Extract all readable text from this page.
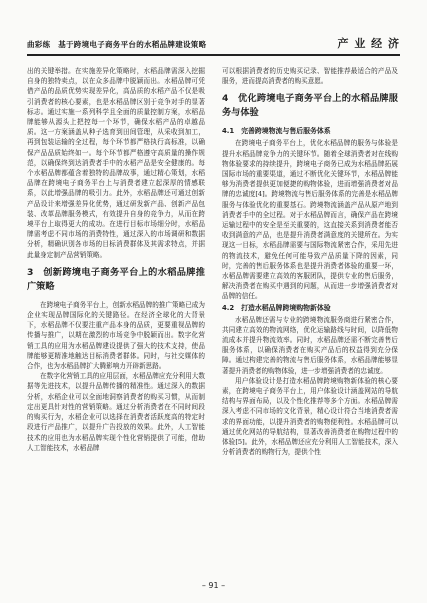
曲彩练　基于跨境电子商务平台的水稻品牌建设策略	产 业 经 济

出的关键举措。在实施差异化策略时，水稻品牌需深入挖掘自身的独特卖点，以在众多品牌中脱颖而出。水稻品牌可凭借产品的品质优势实现差异化，高品质的水稻产品不仅是吸引消费者的核心要素，也是水稻品牌区别于竞争对手的显著标志。通过实施一系列科学且全面的质量控制方案，水稻品牌能够从源头上把控每一个环节，确保水稻产品的卓越品质。这一方案涵盖从种子选育到田间管理，从采收到加工，再到包装运输的全过程，每个环节都严格执行高标准，以确保产品品质始终如一。每个环节都严格遵守高质量的操作规范，以确保终到达消费者手中的水稻产品是安全健康的。每个水稻品牌都蕴含着独特的品牌故事，通过精心策划，水稻品牌在跨境电子商务平台上与消费者建立起深厚的情感联系，以此增强品牌的吸引力。此外，水稻品牌还可通过创新产品设计来增强差异化优势，通过研发新产品、创新产品包装、改革品牌服务模式，有效提升自身的竞争力，从而在跨境平台上取得更大的成功。在进行目标市场细分时，水稻品牌需考虑不同市场的消费特性，通过深入的市场调研和数据分析，精确识别各市场的目标消费群体及其需求特点，并据此量身定制产品营销策略。

3　创新跨境电子商务平台上的水稻品牌推广策略

在跨境电子商务平台上，创新水稻品牌的推广策略已成为企业实现品牌国际化的关键路径。在经济全球化的大背景下，水稻品牌不仅要注重产品本身的品质，更要重视品牌的传播与推广，以期在激烈的市场竞争中脱颖而出。数字化营销工具的应用为水稻品牌建设提供了强大的技术支持，使品牌能够更精准地触达目标消费者群体。同时，与社交媒体的合作，也为水稻品牌扩大腾影响力开辟新思路。

在数字化营销工具的应用层面，水稻品牌应充分利用大数据等先进技术，以提升品牌传播的精准性。通过深入的数据分析，水稻企业可以全面地洞察消费者的购买习惯，从而制定出更具针对性的营销策略。通过分析消费者在不同时间段的购买行为，水稻企业可以选择在消费者活跃度高的特定时段进行产品推广，以提升广告投放的效果。此外，人工智能技术的应用也为水稻品牌实现个性化营销提供了可能，借助人工智能技术，水稻品牌

可以根据消费者的历史购买记录、智能推荐最适合的产品及服务，进而提高消费者的购买意愿。

4　优化跨境电子商务平台上的水稻品牌服务与体验
4.1　完善跨境物流与售后服务体系

在跨境电子商务平台上，优化水稻品牌的服务与体验是提升水稻品牌竞争力的关键环节。随着全球消费者对在线购物体验要求的持续提升，跨境电子商务已成为水稻品牌拓展国际市场的重要渠道，通过不断优化关键环节，水稻品牌能够为消费者提供更加便捷的购物体验，进而增强消费者对品牌的忠诚度[4]。跨境物流与售后服务体系的完善是水稻品牌服务与体验优化的重要基石。跨境物流涵盖产品从原产地到消费者手中的全过程。对于水稻品牌而言，确保产品在跨境运输过程中的安全是至关重要的，这直接关系到消费者能否收到满意的产品，也是提升消费者满意度的关键所在。为实现这一目标，水稻品牌需要与国际物流紧密合作，采用先进的物流技术，避免任何可能导致产品质量下降的因素，同时，完善的售后服务体系也是提升消费者体验的重要一环，水稻品牌需要建立高效的客服团队，提供专业的售后服务，解决消费者在购买中遇到的问题，从而进一步增强消费者对品牌的信任。

4.2　打造水稻品牌跨境购物新体验

水稻品牌还需与专业的跨境物流服务商进行紧密合作，共同建立高效的物流网络，优化运输路线与时间，以降低物流成本并提升物流效率。同时，水稻品牌还需不断完善售后服务体系，以确保消费者在购买产品后的权益得到充分保障。通过构建完善的物流与售后服务体系，水稻品牌能够显著提升消费者的购物体验，进一步增强消费者的忠诚度。

用户体验设计是打造水稻品牌跨境购物新体验的核心要素，在跨境电子商务平台上，用户体验设计涵盖网站的导航结构与界面布局，以及个性化推荐等多个方面。水稻品牌需深入考虑不同市场的文化背景，精心设计符合当地消费者需求的界面功能，以提升消费者的购物便利性。水稻品牌可以通过优化网站的导航结构，显著改善消费者在购物过程中的体验[5]。此外，水稻品牌还应充分利用人工智能技术，深入分析消费者的购物行为，提供个性

– 91 –
